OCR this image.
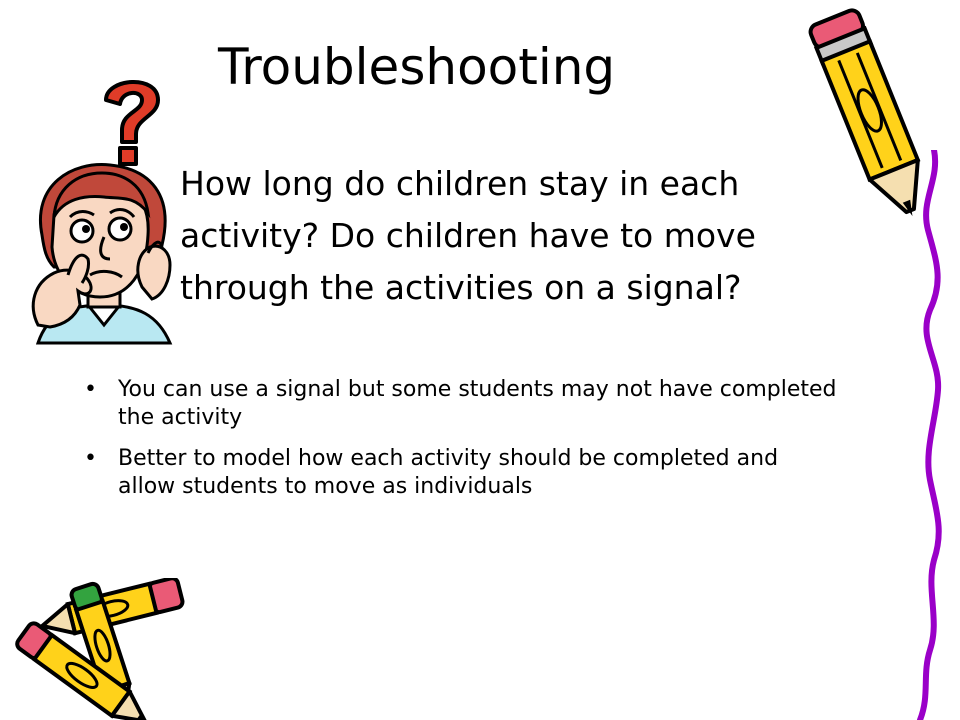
Troubleshooting

How long do children stay in each activity? Do children have to move through the activities on a signal?

• You can use a signal but some students may not have completed the activity
• Better to model how each activity should be completed and allow students to move as individuals
